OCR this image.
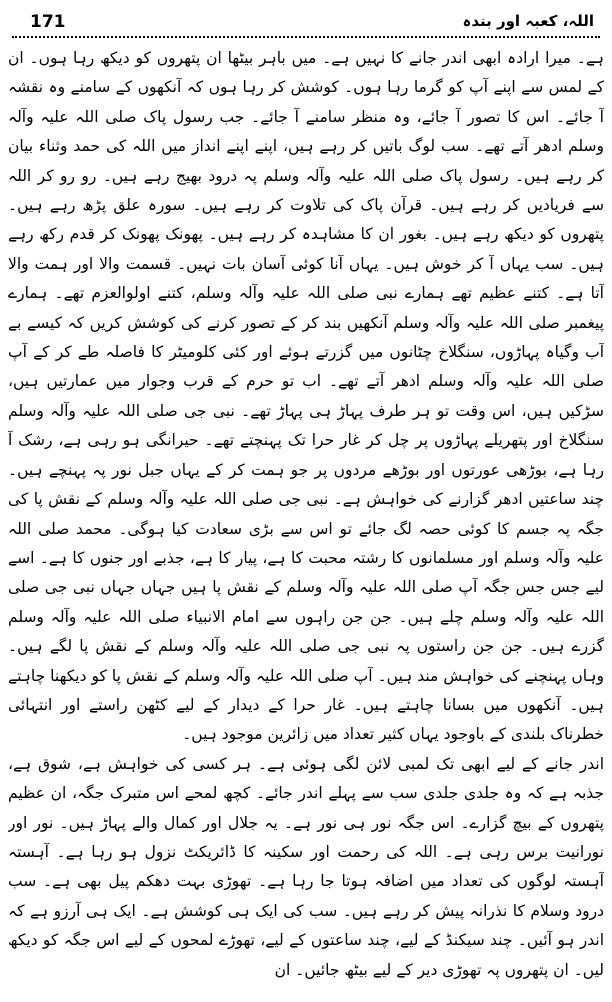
171	اللہ، کعبہ اور بندہ

ہے۔ میرا ارادہ ابھی اندر جانے کا نہیں ہے۔ میں باہر بیٹھا ان پتھروں کو دیکھ رہا ہوں۔ ان کے لمس سے اپنے آپ کو گرما رہا ہوں۔ کوشش کر رہا ہوں کہ آنکھوں کے سامنے وہ نقشہ آ جائے۔ اس کا تصور آ جائے، وہ منظر سامنے آ جائے۔ جب رسول پاک صلی اللہ علیہ وآلہ وسلم ادھر آتے تھے۔ سب لوگ باتیں کر رہے ہیں، اپنے اپنے انداز میں اللہ کی حمد وثناء بیان کر رہے ہیں۔ رسول پاک صلی اللہ علیہ وآلہ وسلم پہ درود بھیج رہے ہیں۔ رو رو کر اللہ سے فریادیں کر رہے ہیں۔ قرآن پاک کی تلاوت کر رہے ہیں۔ سورہ علق پڑھ رہے ہیں۔ پتھروں کو دیکھ رہے ہیں۔ بغور ان کا مشاہدہ کر رہے ہیں۔ پھونک پھونک کر قدم رکھ رہے ہیں۔ سب یہاں آ کر خوش ہیں۔ یہاں آنا کوئی آسان بات نہیں۔ قسمت والا اور ہمت والا آتا ہے۔ کتنے عظیم تھے ہمارے نبی صلی اللہ علیہ وآلہ وسلم، کتنے اولوالعزم تھے۔ ہمارے پیغمبر صلی اللہ علیہ وآلہ وسلم آنکھیں بند کر کے تصور کرنے کی کوشش کریں کہ کیسے بے آب وگیاہ پہاڑوں، سنگلاخ چٹانوں میں گزرتے ہوئے اور کئی کلومیٹر کا فاصلہ طے کر کے آپ صلی اللہ علیہ وآلہ وسلم ادھر آتے تھے۔ اب تو حرم کے قرب وجوار میں عمارتیں ہیں، سڑکیں ہیں، اس وقت تو ہر طرف پہاڑ ہی پہاڑ تھے۔ نبی جی صلی اللہ علیہ وآلہ وسلم سنگلاخ اور پتھریلے پہاڑوں پر چل کر غار حرا تک پہنچتے تھے۔ حیرانگی ہو رہی ہے، رشک آ رہا ہے، بوڑھی عورتوں اور بوڑھے مردوں پر جو ہمت کر کے یہاں جبل نور پہ پہنچے ہیں۔ چند ساعتیں ادھر گزارنے کی خواہش ہے۔ نبی جی صلی اللہ علیہ وآلہ وسلم کے نقش پا کی جگہ پہ جسم کا کوئی حصہ لگ جائے تو اس سے بڑی سعادت کیا ہوگی۔ محمد صلی اللہ علیہ وآلہ وسلم اور مسلمانوں کا رشتہ محبت کا ہے، پیار کا ہے، جذبے اور جنوں کا ہے۔ اسے لیے جس جس جگہ آپ صلی اللہ علیہ وآلہ وسلم کے نقش پا ہیں جہاں جہاں نبی جی صلی اللہ علیہ وآلہ وسلم چلے ہیں۔ جن جن راہوں سے امام الانبیاء صلی اللہ علیہ وآلہ وسلم گزرے ہیں۔ جن جن راستوں پہ نبی جی صلی اللہ علیہ وآلہ وسلم کے نقش پا لگے ہیں۔ وہاں پہنچنے کی خواہش مند ہیں۔ آپ صلی اللہ علیہ وآلہ وسلم کے نقش پا کو دیکھنا چاہتے ہیں۔ آنکھوں میں بسانا چاہتے ہیں۔ غار حرا کے دیدار کے لیے کٹھن راستے اور انتہائی خطرناک بلندی کے باوجود یہاں کثیر تعداد میں زائرین موجود ہیں۔

اندر جانے کے لیے ابھی تک لمبی لائن لگی ہوئی ہے۔ ہر کسی کی خواہش ہے، شوق ہے، جذبہ ہے کہ وہ جلدی جلدی سب سے پہلے اندر جائے۔ کچھ لمحے اس متبرک جگہ، ان عظیم پتھروں کے بیچ گزارے۔ اس جگہ نور ہی نور ہے۔ یہ جلال اور کمال والے پہاڑ ہیں۔ نور اور نورانیت برس رہی ہے۔ اللہ کی رحمت اور سکینہ کا ڈائریکٹ نزول ہو رہا ہے۔ آہستہ آہستہ لوگوں کی تعداد میں اضافہ ہوتا جا رہا ہے۔ تھوڑی بہت دھکم پیل بھی ہے۔ سب درود وسلام کا نذرانہ پیش کر رہے ہیں۔ سب کی ایک ہی کوشش ہے۔ ایک ہی آرزو ہے کہ اندر ہو آئیں۔ چند سیکنڈ کے لیے، چند ساعتوں کے لیے، تھوڑے لمحوں کے لیے اس جگہ کو دیکھ لیں۔ ان پتھروں پہ تھوڑی دیر کے لیے بیٹھ جائیں۔ ان
